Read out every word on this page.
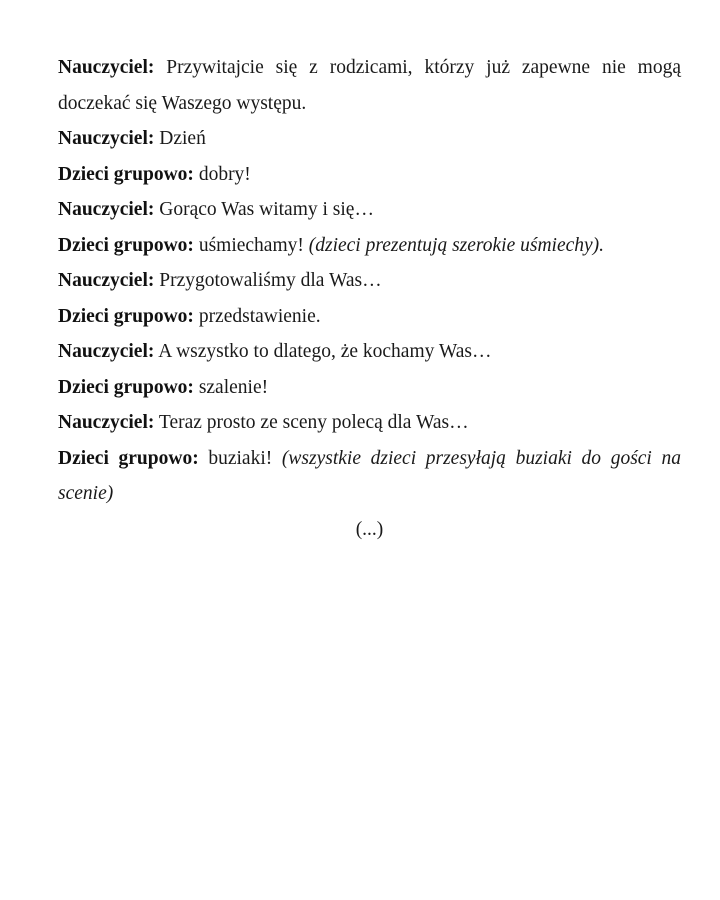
Nauczyciel: Przywitajcie się z rodzicami, którzy już zapewne nie mogą doczekać się Waszego występu.

Nauczyciel: Dzień

Dzieci grupowo: dobry!

Nauczyciel: Gorąco Was witamy i się…

Dzieci grupowo: uśmiechamy! (dzieci prezentują szerokie uśmiechy).

Nauczyciel: Przygotowaliśmy dla Was…

Dzieci grupowo: przedstawienie.

Nauczyciel: A wszystko to dlatego, że kochamy Was…

Dzieci grupowo: szalenie!

Nauczyciel: Teraz prosto ze sceny polecą dla Was…

Dzieci grupowo: buziaki! (wszystkie dzieci przesyłają buziaki do gości na scenie)

(...)
